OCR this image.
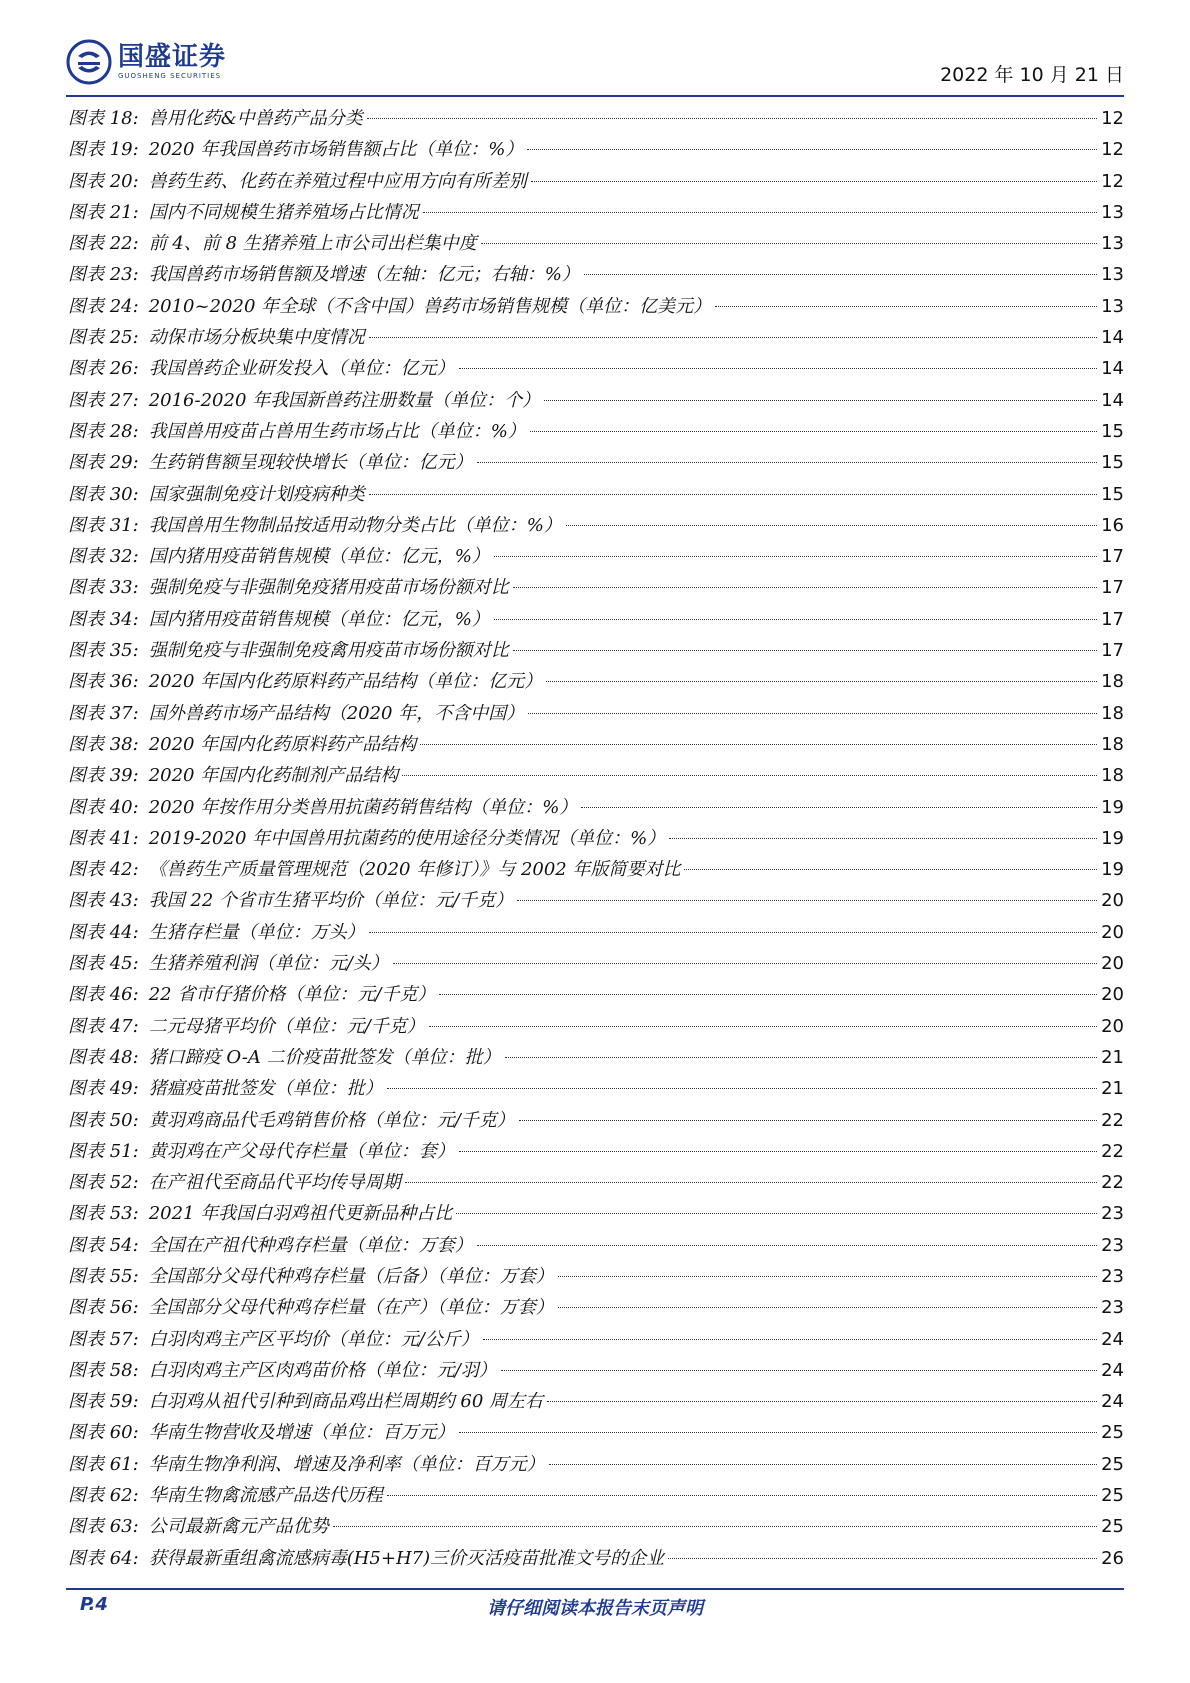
国盛证券
GUOSHENG SECURITIES	2022 年 10 月 21 日
图表 18: 兽用化药&中兽药产品分类	12
图表 19: 2020 年我国兽药市场销售额占比（单位：%）	12
图表 20: 兽药生药、化药在养殖过程中应用方向有所差别	12
图表 21: 国内不同规模生猪养殖场占比情况	13
图表 22: 前 4、前 8 生猪养殖上市公司出栏集中度	13
图表 23: 我国兽药市场销售额及增速（左轴：亿元；右轴：%）	13
图表 24: 2010~2020 年全球（不含中国）兽药市场销售规模（单位：亿美元）	13
图表 25: 动保市场分板块集中度情况	14
图表 26: 我国兽药企业研发投入（单位：亿元）	14
图表 27: 2016-2020 年我国新兽药注册数量（单位：个）	14
图表 28: 我国兽用疫苗占兽用生药市场占比（单位：%）	15
图表 29: 生药销售额呈现较快增长（单位：亿元）	15
图表 30: 国家强制免疫计划疫病种类	15
图表 31: 我国兽用生物制品按适用动物分类占比（单位：%）	16
图表 32: 国内猪用疫苗销售规模（单位：亿元，%）	17
图表 33: 强制免疫与非强制免疫猪用疫苗市场份额对比	17
图表 34: 国内猪用疫苗销售规模（单位：亿元，%）	17
图表 35: 强制免疫与非强制免疫禽用疫苗市场份额对比	17
图表 36: 2020 年国内化药原料药产品结构（单位：亿元）	18
图表 37: 国外兽药市场产品结构（2020 年，不含中国）	18
图表 38: 2020 年国内化药原料药产品结构	18
图表 39: 2020 年国内化药制剂产品结构	18
图表 40: 2020 年按作用分类兽用抗菌药销售结构（单位：%）	19
图表 41: 2019-2020 年中国兽用抗菌药的使用途径分类情况（单位：%）	19
图表 42: 《兽药生产质量管理规范（2020 年修订）》与 2002 年版简要对比	19
图表 43: 我国 22 个省市生猪平均价（单位：元/千克）	20
图表 44: 生猪存栏量（单位：万头）	20
图表 45: 生猪养殖利润（单位：元/头）	20
图表 46: 22 省市仔猪价格（单位：元/千克）	20
图表 47: 二元母猪平均价（单位：元/千克）	20
图表 48: 猪口蹄疫 O-A 二价疫苗批签发（单位：批）	21
图表 49: 猪瘟疫苗批签发（单位：批）	21
图表 50: 黄羽鸡商品代毛鸡销售价格（单位：元/千克）	22
图表 51: 黄羽鸡在产父母代存栏量（单位：套）	22
图表 52: 在产祖代至商品代平均传导周期	22
图表 53: 2021 年我国白羽鸡祖代更新品种占比	23
图表 54: 全国在产祖代种鸡存栏量（单位：万套）	23
图表 55: 全国部分父母代种鸡存栏量（后备）（单位：万套）	23
图表 56: 全国部分父母代种鸡存栏量（在产）（单位：万套）	23
图表 57: 白羽肉鸡主产区平均价（单位：元/公斤）	24
图表 58: 白羽肉鸡主产区肉鸡苗价格（单位：元/羽）	24
图表 59: 白羽鸡从祖代引种到商品鸡出栏周期约 60 周左右	24
图表 60: 华南生物营收及增速（单位：百万元）	25
图表 61: 华南生物净利润、增速及净利率（单位：百万元）	25
图表 62: 华南生物禽流感产品迭代历程	25
图表 63: 公司最新禽元产品优势	25
图表 64: 获得最新重组禽流感病毒(H5+H7)三价灭活疫苗批准文号的企业	26
P.4	请仔细阅读本报告末页声明
